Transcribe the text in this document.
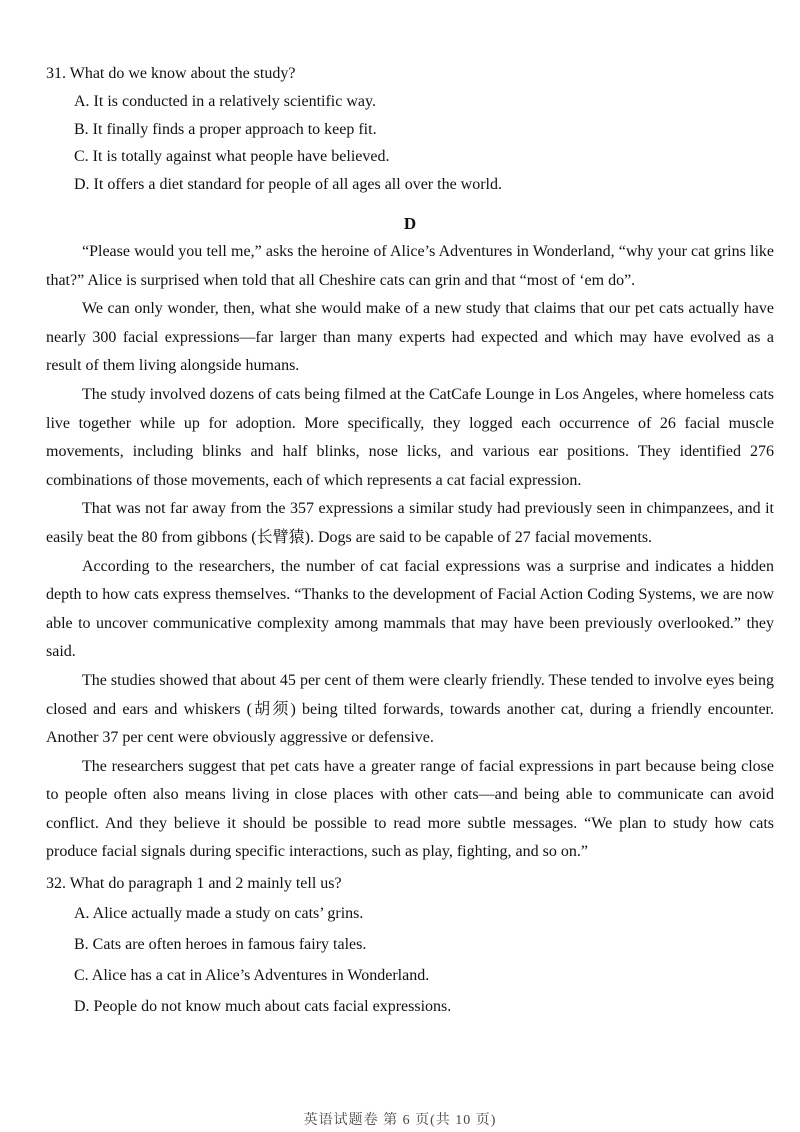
31. What do we know about the study?

A. It is conducted in a relatively scientific way.

B. It finally finds a proper approach to keep fit.

C. It is totally against what people have believed.

D. It offers a diet standard for people of all ages all over the world.

D

“Please would you tell me,” asks the heroine of Alice’s Adventures in Wonderland, “why your cat grins like that?” Alice is surprised when told that all Cheshire cats can grin and that “most of ‘em do”.

We can only wonder, then, what she would make of a new study that claims that our pet cats actually have nearly 300 facial expressions—far larger than many experts had expected and which may have evolved as a result of them living alongside humans.

The study involved dozens of cats being filmed at the CatCafe Lounge in Los Angeles, where homeless cats live together while up for adoption. More specifically, they logged each occurrence of 26 facial muscle movements, including blinks and half blinks, nose licks, and various ear positions. They identified 276 combinations of those movements, each of which represents a cat facial expression.

That was not far away from the 357 expressions a similar study had previously seen in chimpanzees, and it easily beat the 80 from gibbons (长臂猿). Dogs are said to be capable of 27 facial movements.

According to the researchers, the number of cat facial expressions was a surprise and indicates a hidden depth to how cats express themselves. “Thanks to the development of Facial Action Coding Systems, we are now able to uncover communicative complexity among mammals that may have been previously overlooked.” they said.

The studies showed that about 45 per cent of them were clearly friendly. These tended to involve eyes being closed and ears and whiskers (胡须) being tilted forwards, towards another cat, during a friendly encounter. Another 37 per cent were obviously aggressive or defensive.

The researchers suggest that pet cats have a greater range of facial expressions in part because being close to people often also means living in close places with other cats—and being able to communicate can avoid conflict. And they believe it should be possible to read more subtle messages. “We plan to study how cats produce facial signals during specific interactions, such as play, fighting, and so on.”

32. What do paragraph 1 and 2 mainly tell us?

A. Alice actually made a study on cats’ grins.

B. Cats are often heroes in famous fairy tales.

C. Alice has a cat in Alice’s Adventures in Wonderland.

D. People do not know much about cats facial expressions.

英语试题卷 第 6 页(共 10 页)
